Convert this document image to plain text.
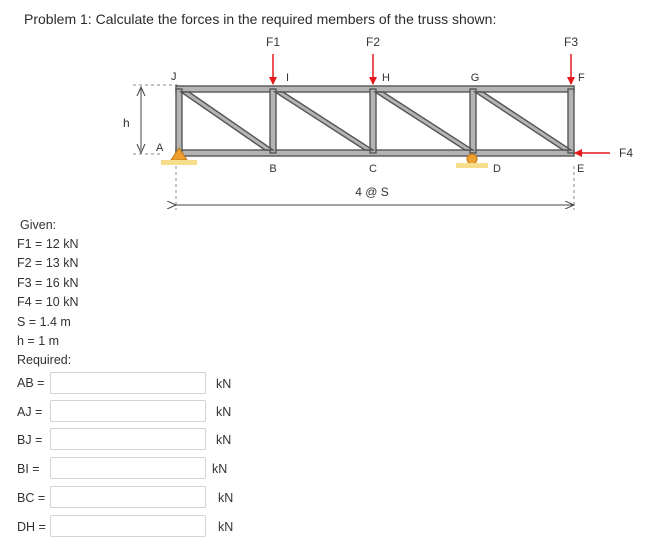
Problem 1: Calculate the forces in the required members of the truss shown:
F1	F2	F3
F4
J	I	H	G	F
A
B	C	D	E
h
4 @ S
Given:
F1 = 12 kN
F2 = 13 kN
F3 = 16 kN
F4 = 10 kN
S = 1.4 m
h = 1 m
Required:
AB =	kN
AJ =	kN
BJ =	kN
BI =	kN
BC =	kN
DH =	kN
